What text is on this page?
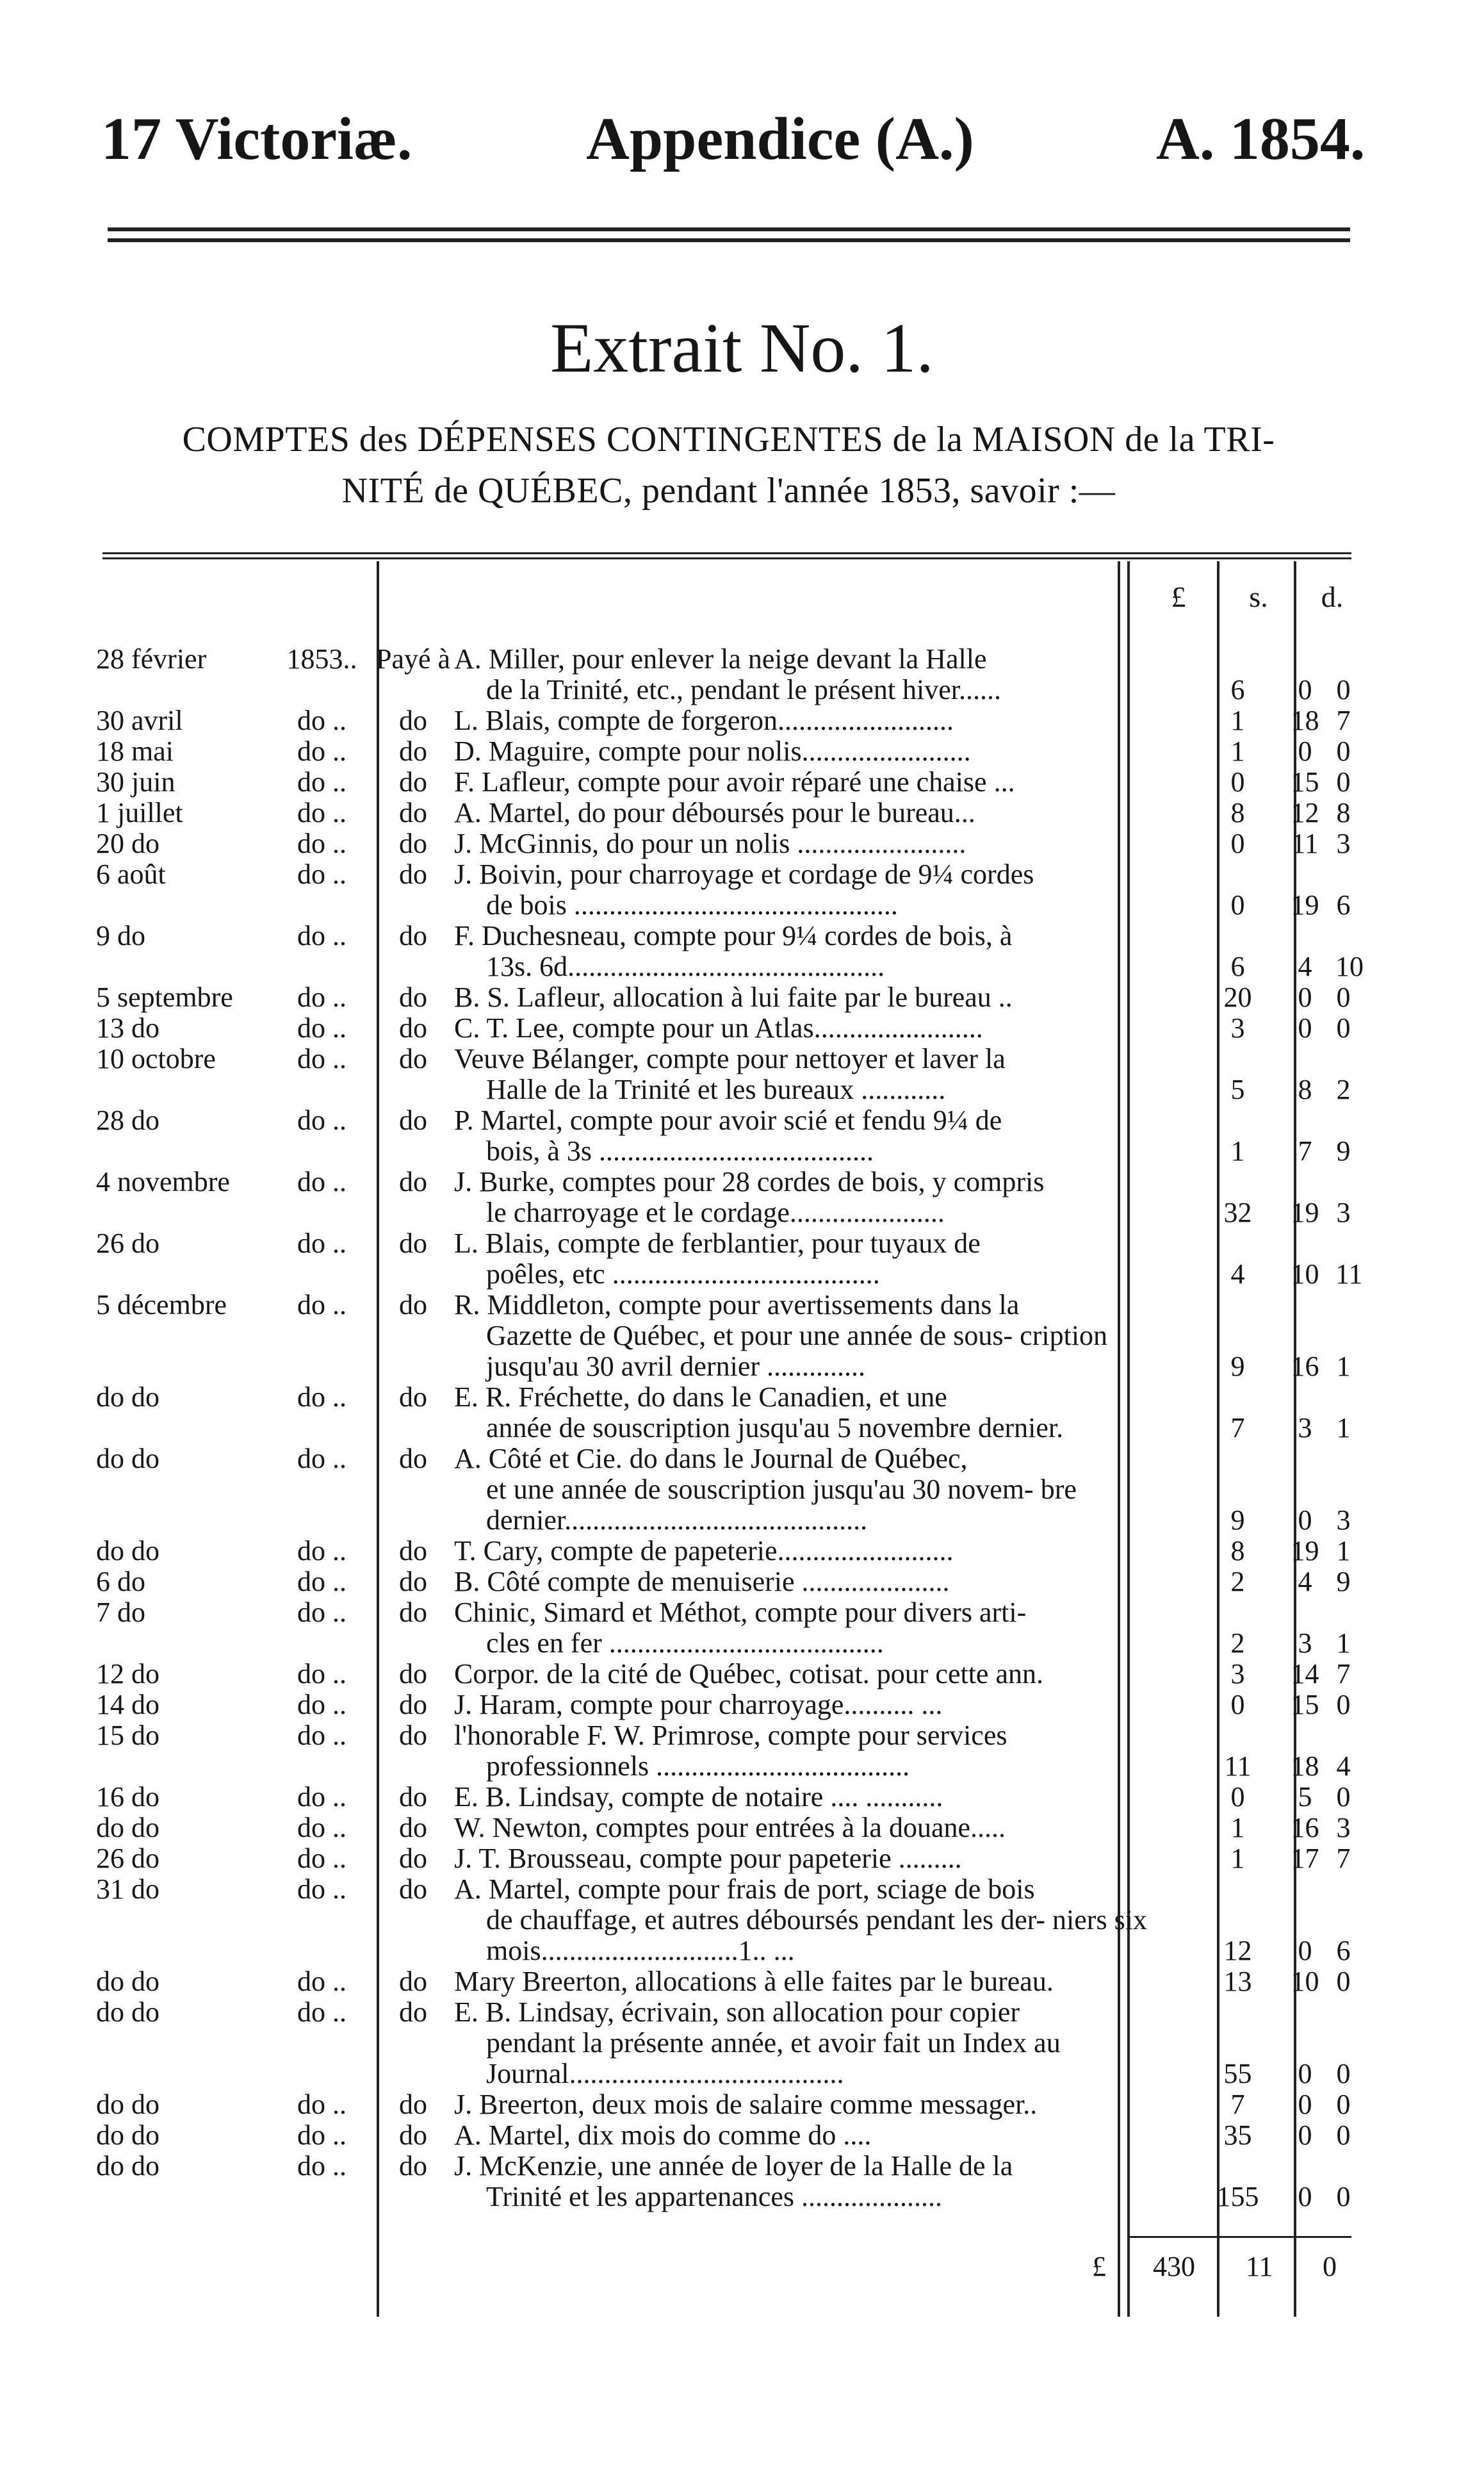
17 Victoriæ.	Appendice (A.)	A. 1854.
Extrait No. 1.
COMPTES des DÉPENSES CONTINGENTES de la MAISON de la TRI-
NITÉ de QUÉBEC, pendant l'année 1853, savoir :—
£	s.	d.
28 février	1853..	Payé à	A. Miller, pour enlever la neige devant la Halle
de la Trinité, etc., pendant le présent hiver......	6	0	0
30 avril	do ..	do	L. Blais, compte de forgeron.........................	1	18	7
18 mai	do ..	do	D. Maguire, compte pour nolis........................	1	0	0
30 juin	do ..	do	F. Lafleur, compte pour avoir réparé une chaise ...	0	15	0
1 juillet	do ..	do	A. Martel, do pour déboursés pour le bureau...	8	12	8
20 do	do ..	do	J. McGinnis, do pour un nolis ........................	0	11	3
6 août	do ..	do	J. Boivin, pour charroyage et cordage de 9¼ cordes
de bois ..............................................	0	19	6
9 do	do ..	do	F. Duchesneau, compte pour 9¼ cordes de bois, à
13s. 6d.............................................	6	4	10
5 septembre	do ..	do	B. S. Lafleur, allocation à lui faite par le bureau ..	20	0	0
13 do	do ..	do	C. T. Lee, compte pour un Atlas........................	3	0	0
10 octobre	do ..	do	Veuve Bélanger, compte pour nettoyer et laver la
Halle de la Trinité et les bureaux ............	5	8	2
28 do	do ..	do	P. Martel, compte pour avoir scié et fendu 9¼ de
bois, à 3s .......................................	1	7	9
4 novembre	do ..	do	J. Burke, comptes pour 28 cordes de bois, y compris
le charroyage et le cordage......................	32	19	3
26 do	do ..	do	L. Blais, compte de ferblantier, pour tuyaux de
poêles, etc ......................................	4	10	11
5 décembre	do ..	do	R. Middleton, compte pour avertissements dans la
Gazette de Québec, et pour une année de sous- cription jusqu'au 30 avril dernier ..............	9	16	1
do do	do ..	do	E. R. Fréchette, do dans le Canadien, et une
année de souscription jusqu'au 5 novembre dernier.	7	3	1
do do	do ..	do	A. Côté et Cie. do dans le Journal de Québec,
et une année de souscription jusqu'au 30 novem- bre dernier...........................................	9	0	3
do do	do ..	do	T. Cary, compte de papeterie.........................	8	19	1
6 do	do ..	do	B. Côté compte de menuiserie .....................	2	4	9
7 do	do ..	do	Chinic, Simard et Méthot, compte pour divers arti-
cles en fer .......................................	2	3	1
12 do	do ..	do	Corpor. de la cité de Québec, cotisat. pour cette ann.	3	14	7
14 do	do ..	do	J. Haram, compte pour charroyage.......... ...	0	15	0
15 do	do ..	do	l'honorable F. W. Primrose, compte pour services
professionnels ....................................	11	18	4
16 do	do ..	do	E. B. Lindsay, compte de notaire .... ...........	0	5	0
do do	do ..	do	W. Newton, comptes pour entrées à la douane.....	1	16	3
26 do	do ..	do	J. T. Brousseau, compte pour papeterie .........	1	17	7
31 do	do ..	do	A. Martel, compte pour frais de port, sciage de bois
de chauffage, et autres déboursés pendant les der- niers six mois............................1.. ...	12	0	6
do do	do ..	do	Mary Breerton, allocations à elle faites par le bureau.	13	10	0
do do	do ..	do	E. B. Lindsay, écrivain, son allocation pour copier
pendant la présente année, et avoir fait un Index au Journal.......................................	55	0	0
do do	do ..	do	J. Breerton, deux mois de salaire comme messager..	7	0	0
do do	do ..	do	A. Martel, dix mois do comme do ....	35	0	0
do do	do ..	do	J. McKenzie, une année de loyer de la Halle de la
Trinité et les appartenances ....................	155	0	0
£ 430 11 0
